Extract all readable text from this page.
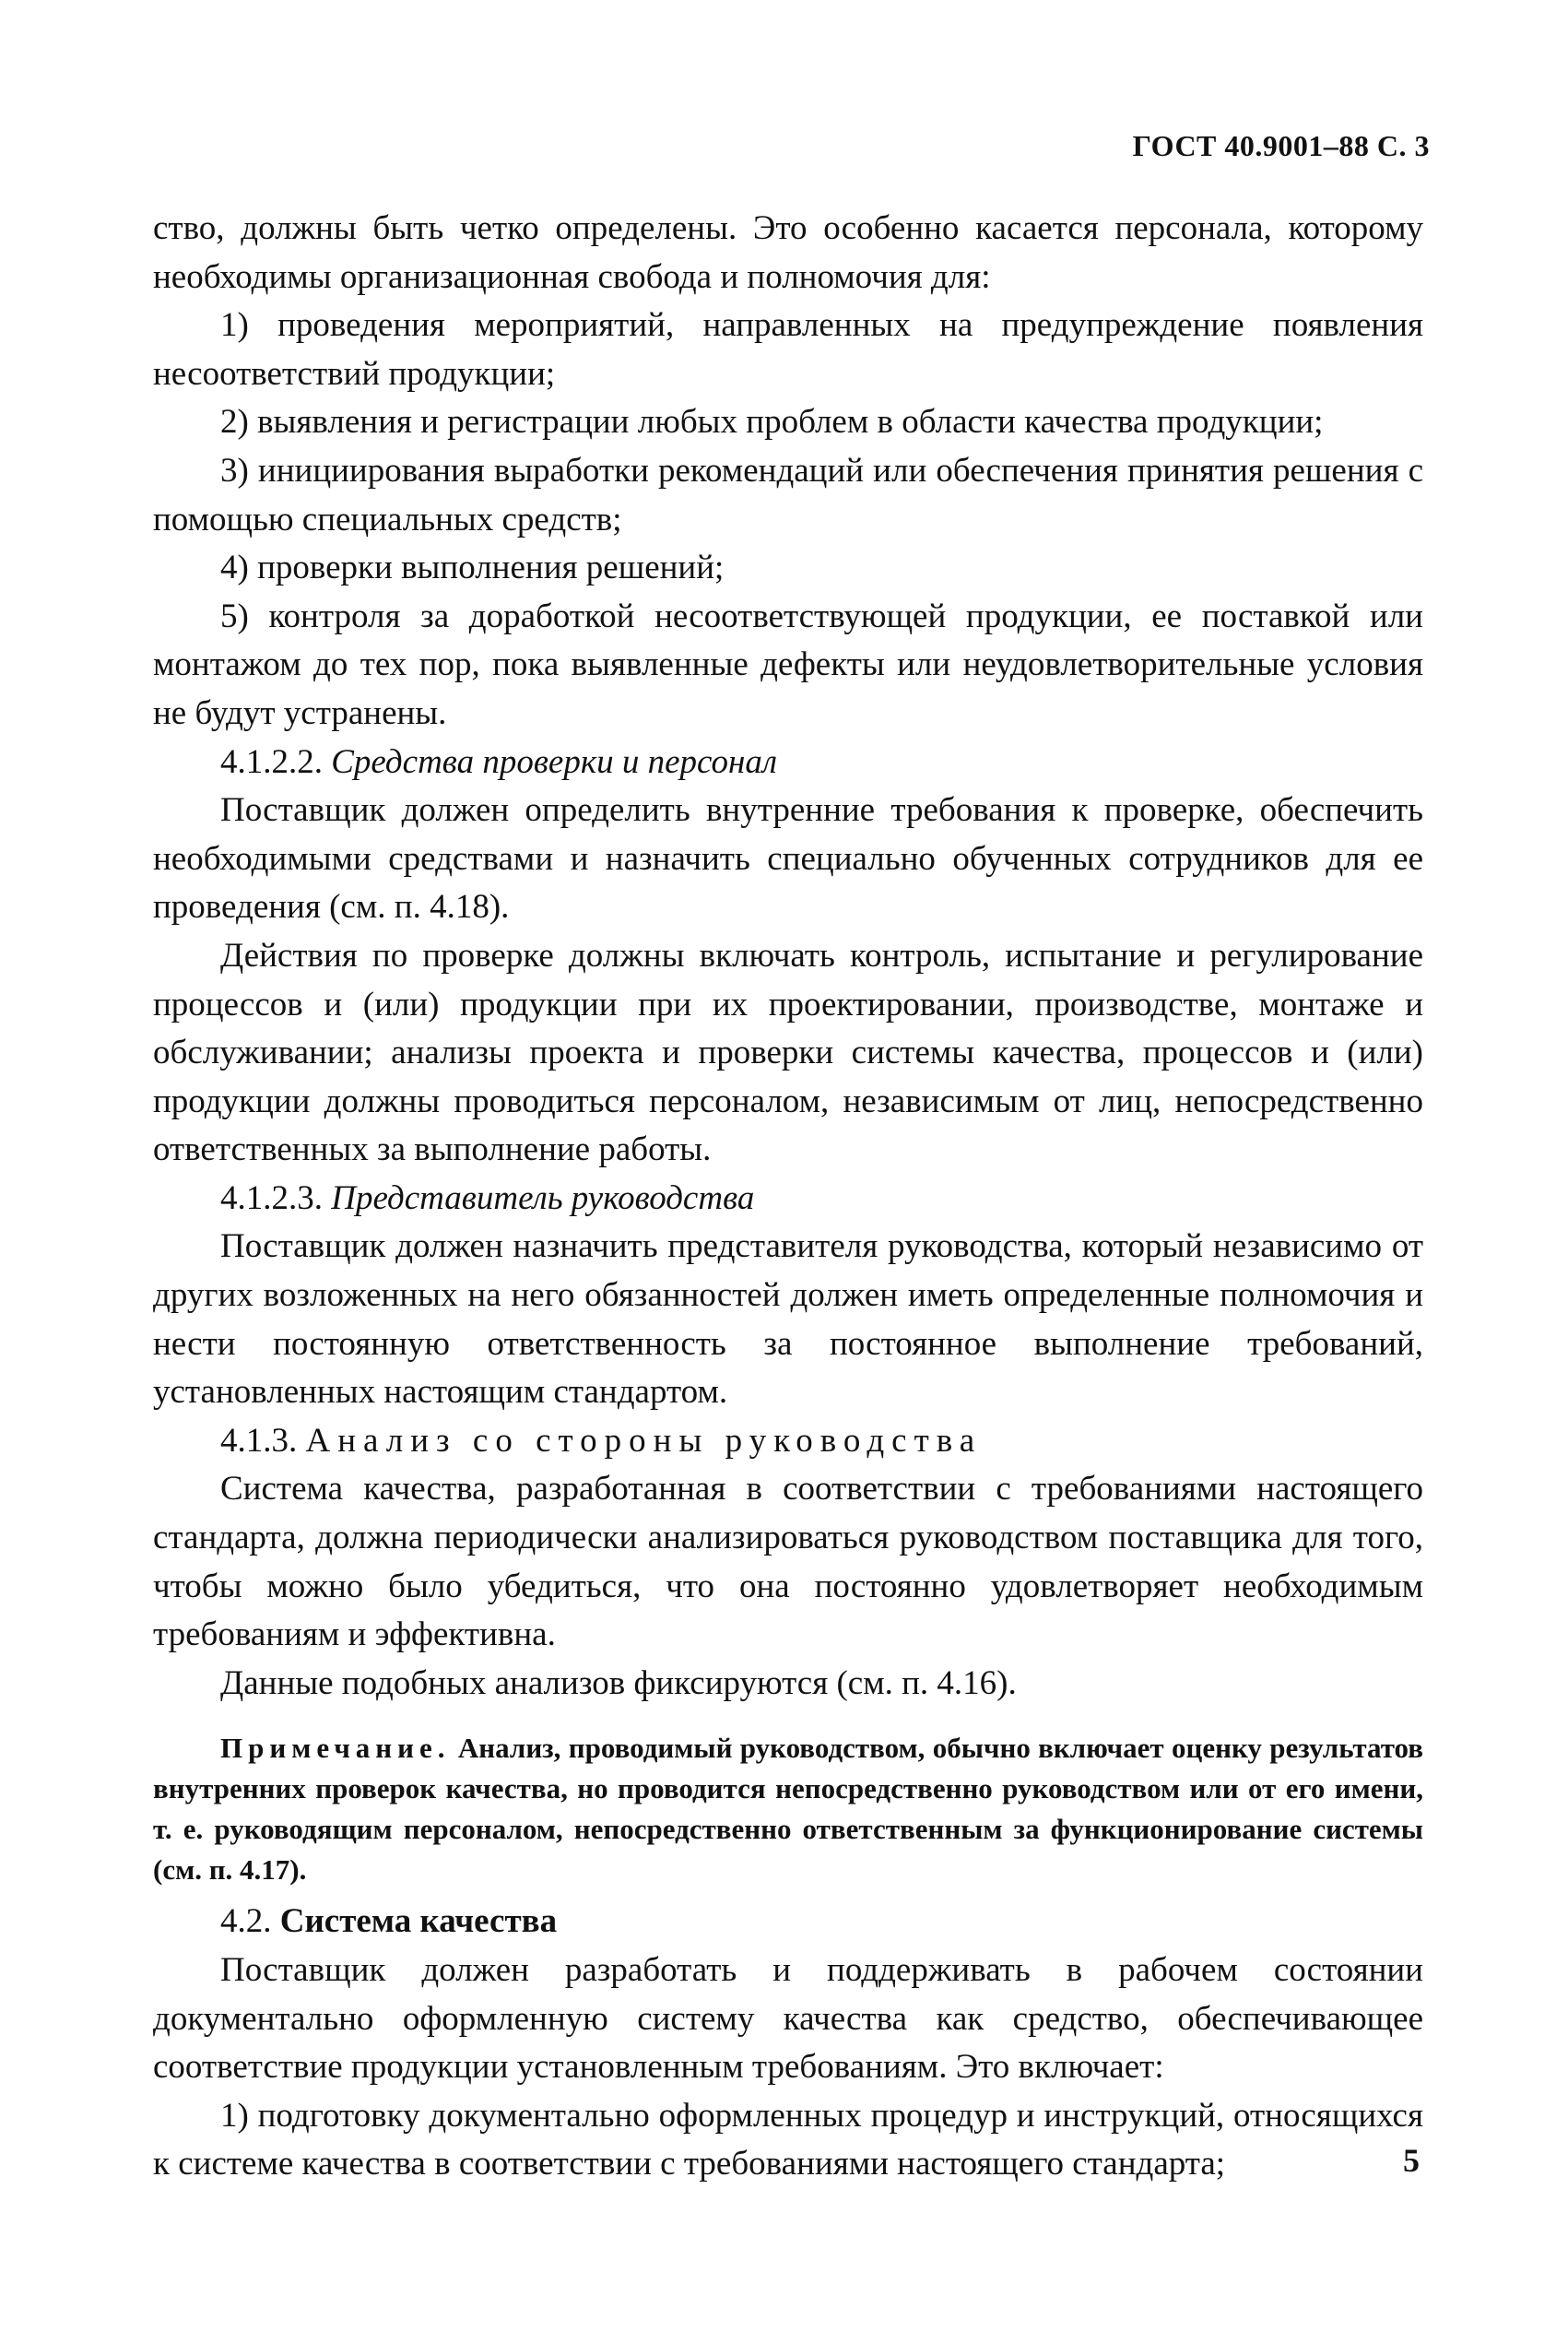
ГОСТ 40.9001–88 С. 3

ство, должны быть четко определены. Это особенно касается персонала, которому необходимы организационная свобода и полномочия для:

1) проведения мероприятий, направленных на предупреждение появления несоответствий продукции;

2) выявления и регистрации любых проблем в области качества продукции;

3) инициирования выработки рекомендаций или обеспечения принятия решения с помощью специальных средств;

4) проверки выполнения решений;

5) контроля за доработкой несоответствующей продукции, ее поставкой или монтажом до тех пор, пока выявленные дефекты или неудовлетворительные условия не будут устранены.

4.1.2.2. Средства проверки и персонал

Поставщик должен определить внутренние требования к проверке, обеспечить необходимыми средствами и назначить специально обученных сотрудников для ее проведения (см. п. 4.18).

Действия по проверке должны включать контроль, испытание и регулирование процессов и (или) продукции при их проектировании, производстве, монтаже и обслуживании; анализы проекта и проверки системы качества, процессов и (или) продукции должны проводиться персоналом, независимым от лиц, непосредственно ответственных за выполнение работы.

4.1.2.3. Представитель руководства

Поставщик должен назначить представителя руководства, который независимо от других возложенных на него обязанностей должен иметь определенные полномочия и нести постоянную ответственность за постоянное выполнение требований, установленных настоящим стандартом.

4.1.3. Анализ со стороны руководства

Система качества, разработанная в соответствии с требованиями настоящего стандарта, должна периодически анализироваться руководством поставщика для того, чтобы можно было убедиться, что она постоянно удовлетворяет необходимым требованиям и эффективна.

Данные подобных анализов фиксируются (см. п. 4.16).

Примечание. Анализ, проводимый руководством, обычно включает оценку результатов внутренних проверок качества, но проводится непосредственно руководством или от его имени, т. е. руководящим персоналом, непосредственно ответственным за функционирование системы (см. п. 4.17).

4.2. Система качества

Поставщик должен разработать и поддерживать в рабочем состоянии документально оформленную систему качества как средство, обеспечивающее соответствие продукции установленным требованиям. Это включает:

1) подготовку документально оформленных процедур и инструкций, относящихся к системе качества в соответствии с требованиями настоящего стандарта;	5
